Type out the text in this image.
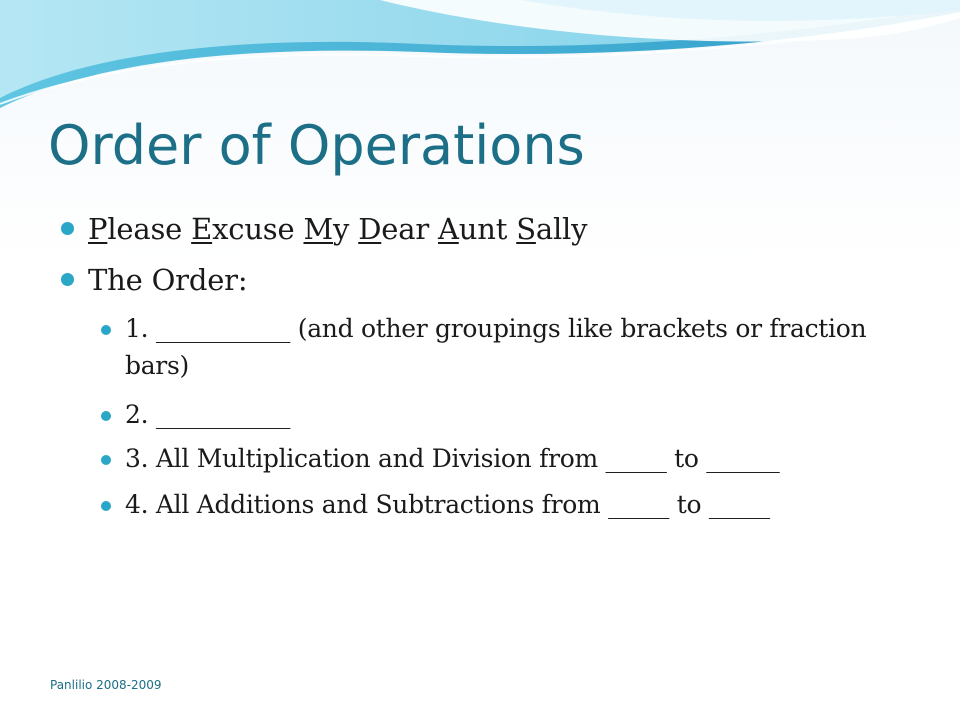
Order of Operations
Please Excuse My Dear Aunt Sally
The Order:
1. ___________ (and other groupings like brackets or fraction bars)
2. ___________
3. All Multiplication and Division from _____ to ______
4. All Additions and Subtractions from _____ to _____
Panlilio 2008-2009
